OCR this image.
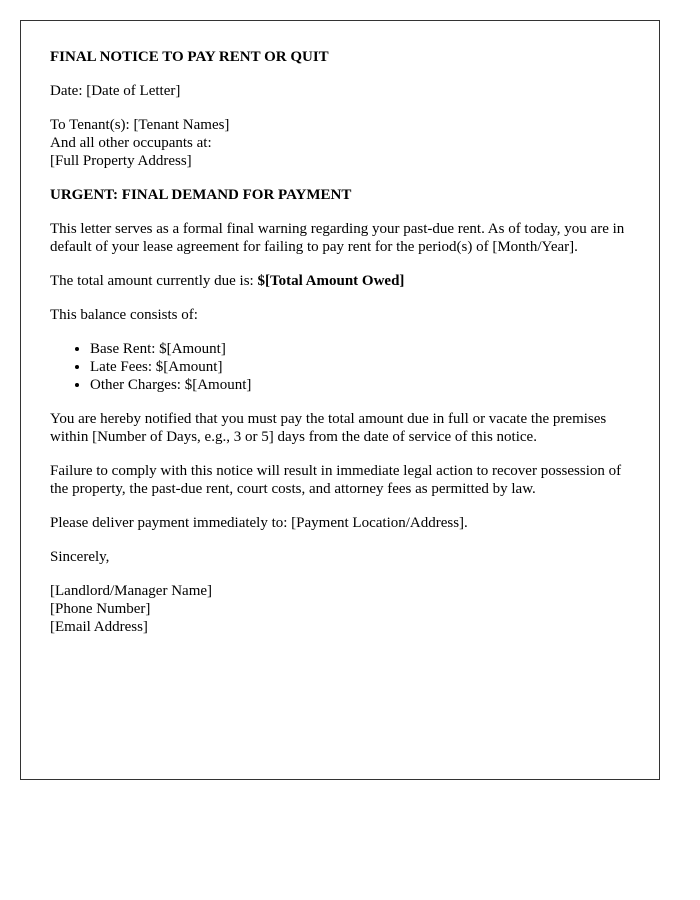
FINAL NOTICE TO PAY RENT OR QUIT

Date: [Date of Letter]

To Tenant(s): [Tenant Names]
And all other occupants at:
[Full Property Address]

URGENT: FINAL DEMAND FOR PAYMENT

This letter serves as a formal final warning regarding your past-due rent. As of today, you are in default of your lease agreement for failing to pay rent for the period(s) of [Month/Year].

The total amount currently due is: $[Total Amount Owed]

This balance consists of:

• Base Rent: $[Amount]
• Late Fees: $[Amount]
• Other Charges: $[Amount]

You are hereby notified that you must pay the total amount due in full or vacate the premises within [Number of Days, e.g., 3 or 5] days from the date of service of this notice.

Failure to comply with this notice will result in immediate legal action to recover possession of the property, the past-due rent, court costs, and attorney fees as permitted by law.

Please deliver payment immediately to: [Payment Location/Address].

Sincerely,

[Landlord/Manager Name]
[Phone Number]
[Email Address]
